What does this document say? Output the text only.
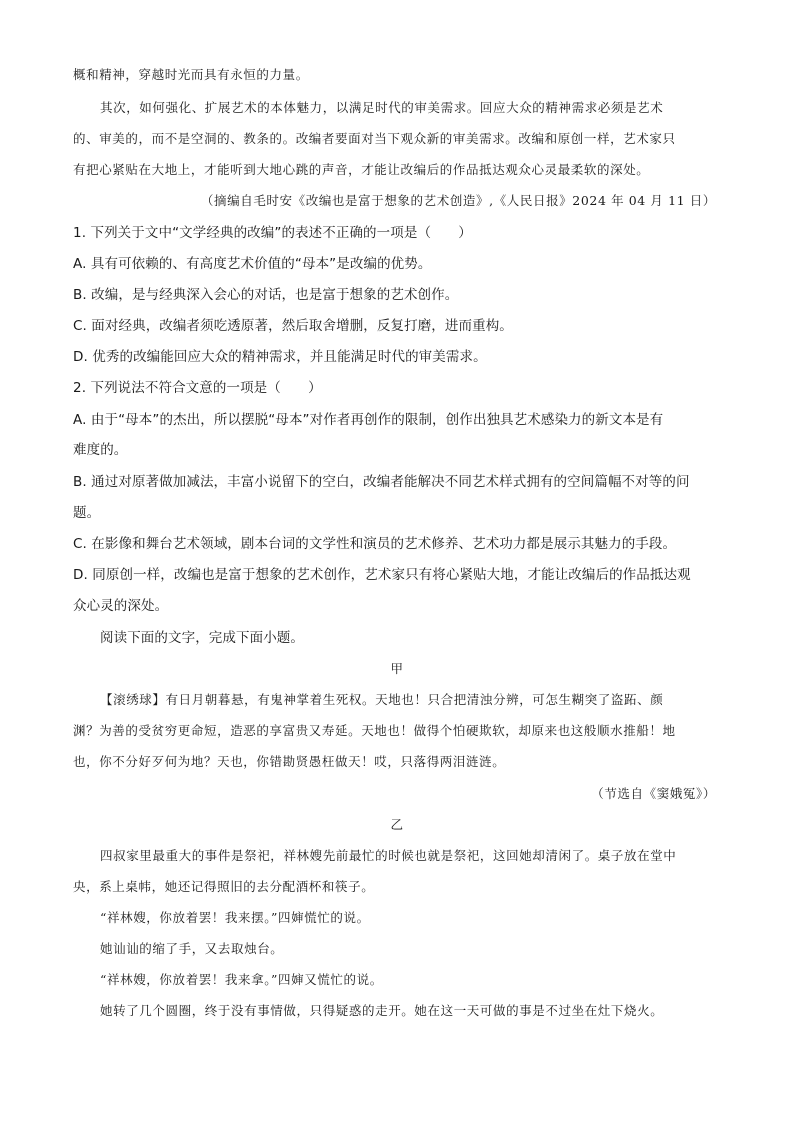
概和精神，穿越时光而具有永恒的力量。
其次，如何强化、扩展艺术的本体魅力，以满足时代的审美需求。回应大众的精神需求必须是艺术
的、审美的，而不是空洞的、教条的。改编者要面对当下观众新的审美需求。改编和原创一样，艺术家只
有把心紧贴在大地上，才能听到大地心跳的声音，才能让改编后的作品抵达观众心灵最柔软的深处。
（摘编自毛时安《改编也是富于想象的艺术创造》,《人民日报》2024 年 04 月 11 日）
1. 下列关于文中“文学经典的改编”的表述不正确的一项是（　　）
A. 具有可依赖的、有高度艺术价值的“母本”是改编的优势。
B. 改编，是与经典深入会心的对话，也是富于想象的艺术创作。
C. 面对经典，改编者须吃透原著，然后取舍增删，反复打磨，进而重构。
D. 优秀的改编能回应大众的精神需求，并且能满足时代的审美需求。
2. 下列说法不符合文意的一项是（　　）
A. 由于“母本”的杰出，所以摆脱“母本”对作者再创作的限制，创作出独具艺术感染力的新文本是有
难度的。
B. 通过对原著做加减法，丰富小说留下的空白，改编者能解决不同艺术样式拥有的空间篇幅不对等的问
题。
C. 在影像和舞台艺术领域，剧本台词的文学性和演员的艺术修养、艺术功力都是展示其魅力的手段。
D. 同原创一样，改编也是富于想象的艺术创作，艺术家只有将心紧贴大地，才能让改编后的作品抵达观
众心灵的深处。
阅读下面的文字，完成下面小题。
甲
【滚绣球】有日月朝暮悬，有鬼神掌着生死权。天地也！只合把清浊分辨，可怎生糊突了盗跖、颜
渊？为善的受贫穷更命短，造恶的享富贵又寿延。天地也！做得个怕硬欺软，却原来也这般顺水推船！地
也，你不分好歹何为地？天也，你错勘贤愚枉做天！哎，只落得两泪涟涟。
（节选自《窦娥冤》）
乙
四叔家里最重大的事件是祭祀，祥林嫂先前最忙的时候也就是祭祀，这回她却清闲了。桌子放在堂中
央，系上桌帏，她还记得照旧的去分配酒杯和筷子。
“祥林嫂，你放着罢！我来摆。”四婶慌忙的说。
她讪讪的缩了手，又去取烛台。
“祥林嫂，你放着罢！我来拿。”四婶又慌忙的说。
她转了几个圆圈，终于没有事情做，只得疑惑的走开。她在这一天可做的事是不过坐在灶下烧火。
